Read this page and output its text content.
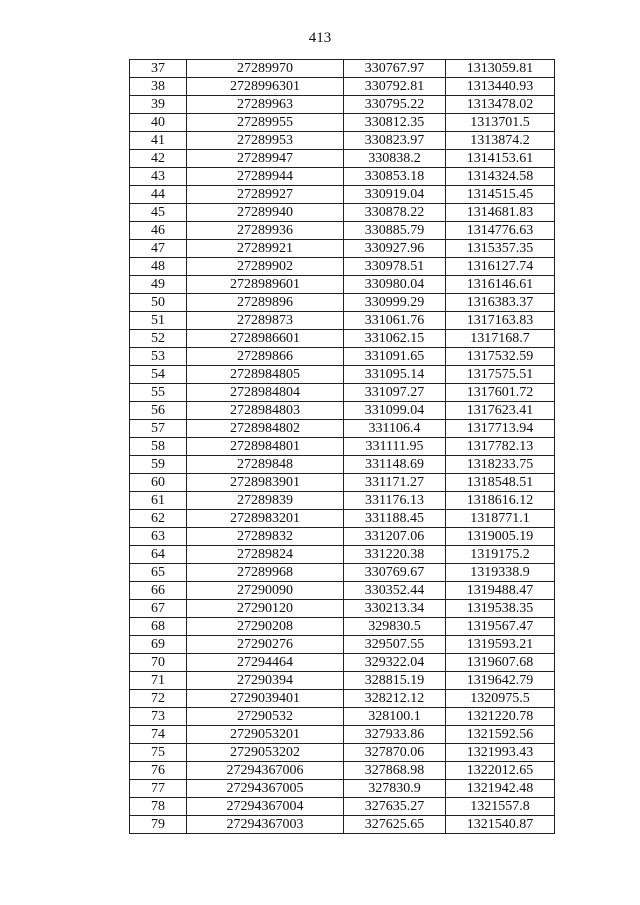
413
37	27289970	330767.97	1313059.81
38	2728996301	330792.81	1313440.93
39	27289963	330795.22	1313478.02
40	27289955	330812.35	1313701.5
41	27289953	330823.97	1313874.2
42	27289947	330838.2	1314153.61
43	27289944	330853.18	1314324.58
44	27289927	330919.04	1314515.45
45	27289940	330878.22	1314681.83
46	27289936	330885.79	1314776.63
47	27289921	330927.96	1315357.35
48	27289902	330978.51	1316127.74
49	2728989601	330980.04	1316146.61
50	27289896	330999.29	1316383.37
51	27289873	331061.76	1317163.83
52	2728986601	331062.15	1317168.7
53	27289866	331091.65	1317532.59
54	2728984805	331095.14	1317575.51
55	2728984804	331097.27	1317601.72
56	2728984803	331099.04	1317623.41
57	2728984802	331106.4	1317713.94
58	2728984801	331111.95	1317782.13
59	27289848	331148.69	1318233.75
60	2728983901	331171.27	1318548.51
61	27289839	331176.13	1318616.12
62	2728983201	331188.45	1318771.1
63	27289832	331207.06	1319005.19
64	27289824	331220.38	1319175.2
65	27289968	330769.67	1319338.9
66	27290090	330352.44	1319488.47
67	27290120	330213.34	1319538.35
68	27290208	329830.5	1319567.47
69	27290276	329507.55	1319593.21
70	27294464	329322.04	1319607.68
71	27290394	328815.19	1319642.79
72	2729039401	328212.12	1320975.5
73	27290532	328100.1	1321220.78
74	2729053201	327933.86	1321592.56
75	2729053202	327870.06	1321993.43
76	27294367006	327868.98	1322012.65
77	27294367005	327830.9	1321942.48
78	27294367004	327635.27	1321557.8
79	27294367003	327625.65	1321540.87
